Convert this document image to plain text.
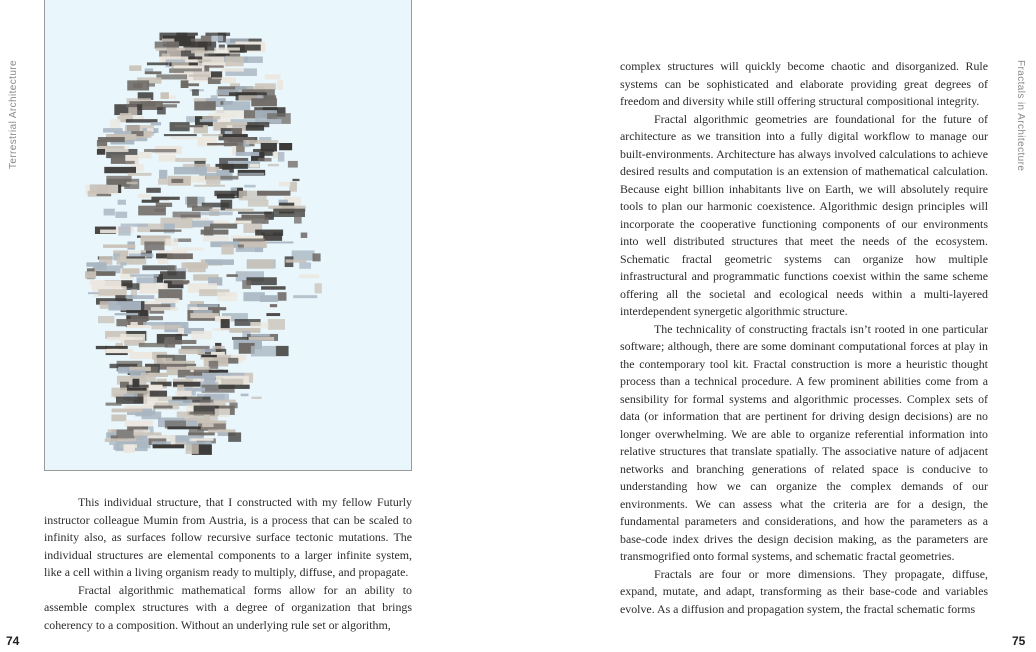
Terrestrial Architecture	Fractals in Architecture

This individual structure, that I constructed with my fellow Futurly instructor colleague Mumin from Austria, is a process that can be scaled to infinity also, as surfaces follow recursive surface tectonic mutations. The individual structures are elemental components to a larger infinite system, like a cell within a living organism ready to multiply, diffuse, and propagate.

Fractal algorithmic mathematical forms allow for an ability to assemble complex structures with a degree of organization that brings coherency to a composition. Without an underlying rule set or algorithm,

complex structures will quickly become chaotic and disorganized. Rule systems can be sophisticated and elaborate providing great degrees of freedom and diversity while still offering structural compositional integrity.

Fractal algorithmic geometries are foundational for the future of architecture as we transition into a fully digital workflow to manage our built-environments. Architecture has always involved calculations to achieve desired results and computation is an extension of mathematical calculation. Because eight billion inhabitants live on Earth, we will absolutely require tools to plan our harmonic coexistence. Algorithmic design principles will incorporate the cooperative functioning components of our environments into well distributed structures that meet the needs of the ecosystem. Schematic fractal geometric systems can organize how multiple infrastructural and programmatic functions coexist within the same scheme offering all the societal and ecological needs within a multi-layered interdependent synergetic algorithmic structure.

The technicality of constructing fractals isn’t rooted in one particular software; although, there are some dominant computational forces at play in the contemporary tool kit. Fractal construction is more a heuristic thought process than a technical procedure. A few prominent abilities come from a sensibility for formal systems and algorithmic processes. Complex sets of data (or information that are pertinent for driving design decisions) are no longer overwhelming. We are able to organize referential information into relative structures that translate spatially. The associative nature of adjacent networks and branching generations of related space is conducive to understanding how we can organize the complex demands of our environments. We can assess what the criteria are for a design, the fundamental parameters and considerations, and how the parameters as a base-code index drives the design decision making, as the parameters are transmogrified onto formal systems, and schematic fractal geometries.

Fractals are four or more dimensions. They propagate, diffuse, expand, mutate, and adapt, transforming as their base-code and variables evolve. As a diffusion and propagation system, the fractal schematic forms

74	75
